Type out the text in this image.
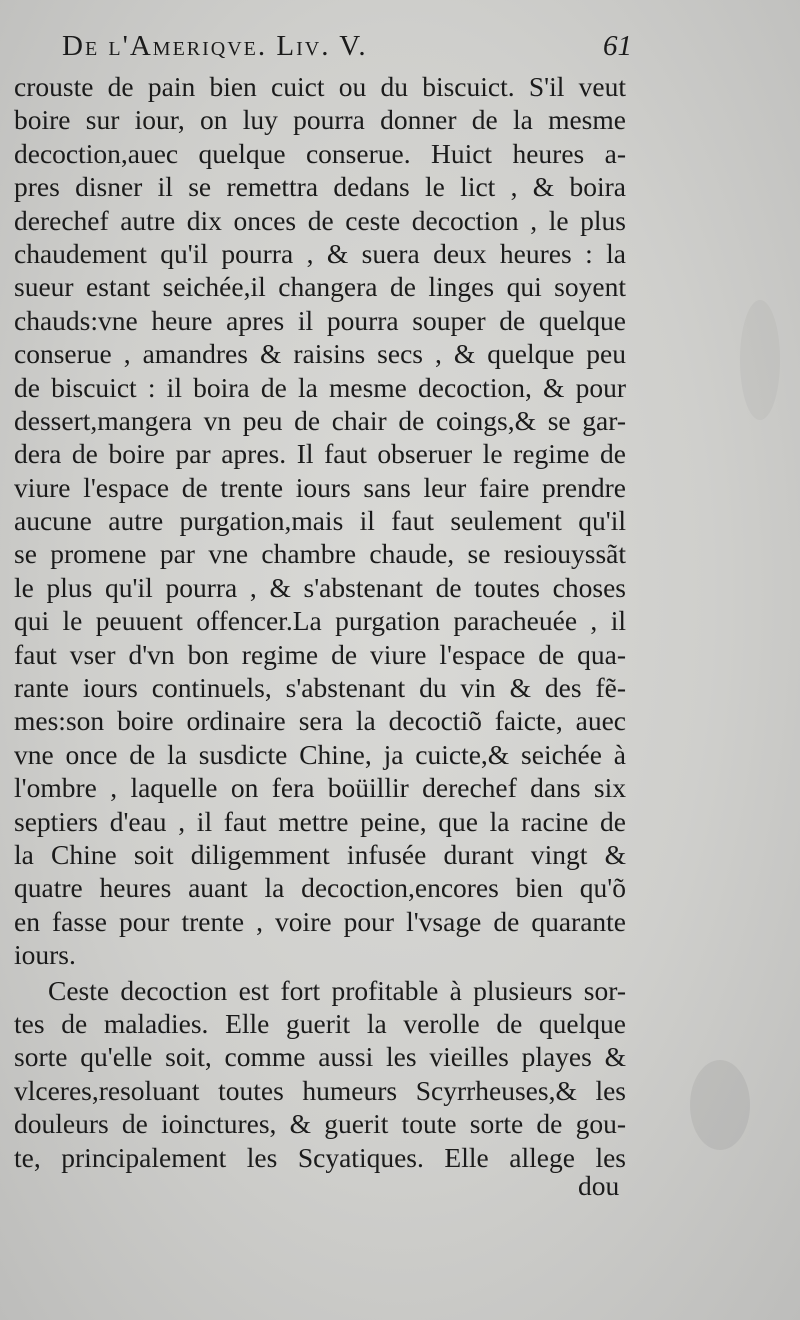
De l'Ameriqve. Liv. V.	61
crouste de pain bien cuict ou du biscuict. S'il veut
boire sur iour, on luy pourra donner de la mesme
decoction,auec quelque conserue. Huict heures a-
pres disner il se remettra dedans le lict , & boira
derechef autre dix onces de ceste decoction , le plus
chaudement qu'il pourra , & suera deux heures : la
sueur estant seichée,il changera de linges qui soyent
chauds:vne heure apres il pourra souper de quelque
conserue , amandres & raisins secs , & quelque peu
de biscuict : il boira de la mesme decoction, & pour
dessert,mangera vn peu de chair de coings,& se gar-
dera de boire par apres. Il faut obseruer le regime de
viure l'espace de trente iours sans leur faire prendre
aucune autre purgation,mais il faut seulement qu'il
se promene par vne chambre chaude, se resiouyssãt
le plus qu'il pourra , & s'abstenant de toutes choses
qui le peuuent offencer.La purgation paracheuée , il
faut vser d'vn bon regime de viure l'espace de qua-
rante iours continuels, s'abstenant du vin & des fẽ-
mes:son boire ordinaire sera la decoctiõ faicte, auec
vne once de la susdicte Chine, ja cuicte,& seichée à
l'ombre , laquelle on fera boüillir derechef dans six
septiers d'eau , il faut mettre peine, que la racine de
la Chine soit diligemment infusée durant vingt &
quatre heures auant la decoction,encores bien qu'õ
en fasse pour trente , voire pour l'vsage de quarante
iours.
Ceste decoction est fort profitable à plusieurs sor-
tes de maladies. Elle guerit la verolle de quelque
sorte qu'elle soit, comme aussi les vieilles playes &
vlceres,resoluant toutes humeurs Scyrrheuses,& les
douleurs de ioinctures, & guerit toute sorte de gou-
te, principalement les Scyatiques. Elle allege les
dou
